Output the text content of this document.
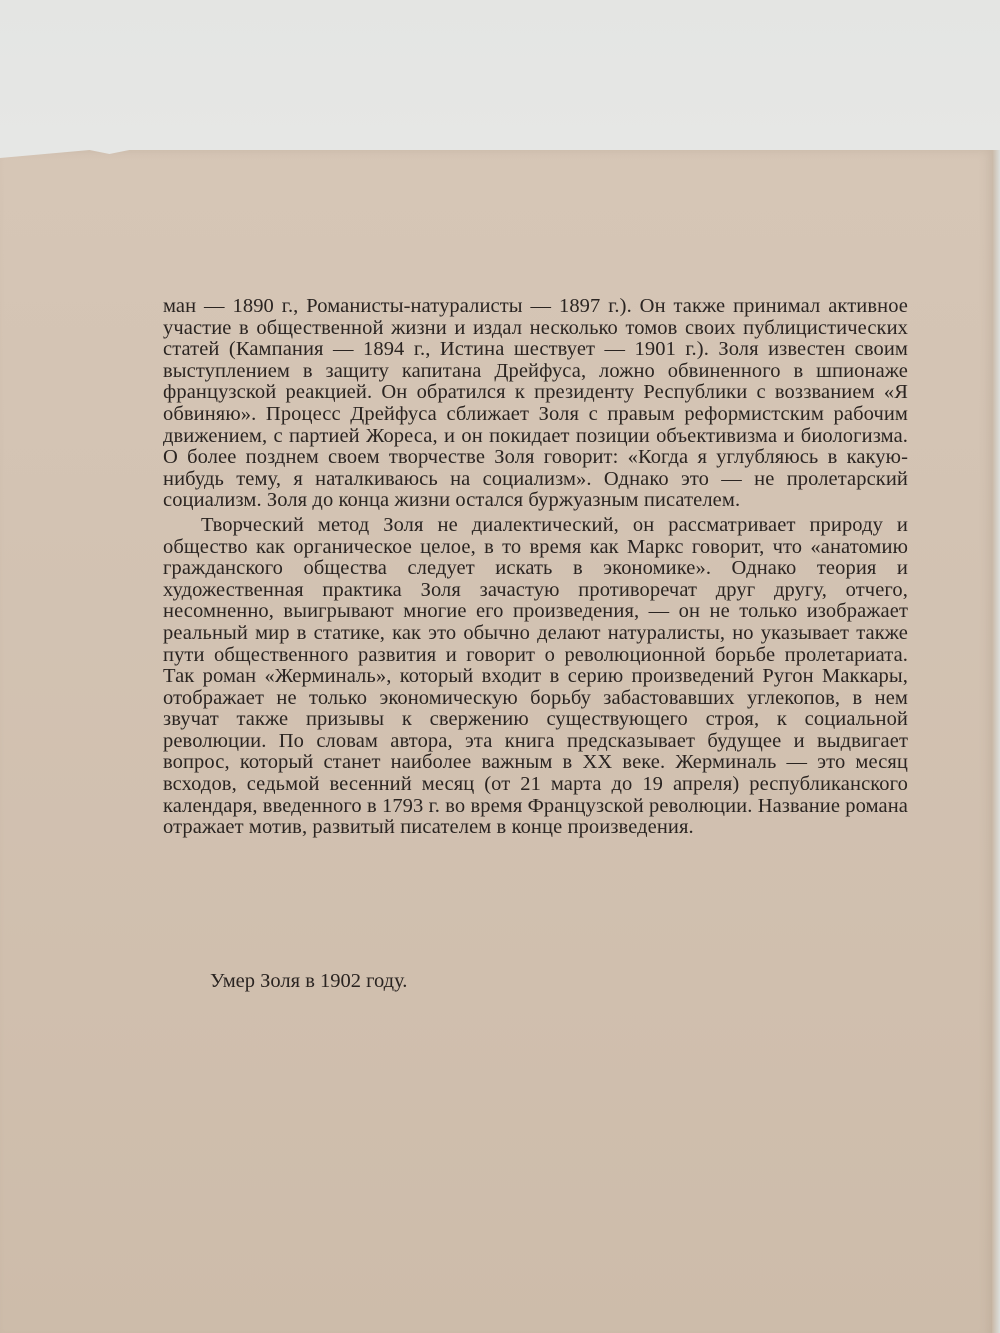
ман — 1890 г., Романисты-натуралисты — 1897 г.). Он также принимал активное участие в общественной жизни и издал несколько томов своих публицистических статей (Кампания — 1894 г., Истина шествует — 1901 г.). Золя известен своим выступлением в защиту капитана Дрейфуса, ложно обвиненного в шпионаже французской реакцией. Он обратился к президенту Республики с воззванием «Я обвиняю». Процесс Дрейфуса сближает Золя с правым реформистским рабочим движением, с партией Жореса, и он покидает позиции объективизма и биологизма. О более позднем своем творчестве Золя говорит: «Когда я углубляюсь в какую-нибудь тему, я наталкиваюсь на социализм». Однако это — не пролетарский социализм. Золя до конца жизни остался буржуазным писателем.

Творческий метод Золя не диалектический, он рассматривает природу и общество как органическое целое, в то время как Маркс говорит, что «анатомию гражданского общества следует искать в экономике». Однако теория и художественная практика Золя зачастую противоречат друг другу, отчего, несомненно, выигрывают многие его произведения, — он не только изображает реальный мир в статике, как это обычно делают натуралисты, но указывает также пути общественного развития и говорит о революционной борьбе пролетариата. Так роман «Жерминаль», который входит в серию произведений Ругон Маккары, отображает не только экономическую борьбу забастовавших углекопов, в нем звучат также призывы к свержению существующего строя, к социальной революции. По словам автора, эта книга предсказывает будущее и выдвигает вопрос, который станет наиболее важным в XX веке. Жерминаль — это месяц всходов, седьмой весенний месяц (от 21 марта до 19 апреля) республиканского календаря, введенного в 1793 г. во время Французской революции. Название романа отражает мотив, развитый писателем в конце произведения.

Умер Золя в 1902 году.
